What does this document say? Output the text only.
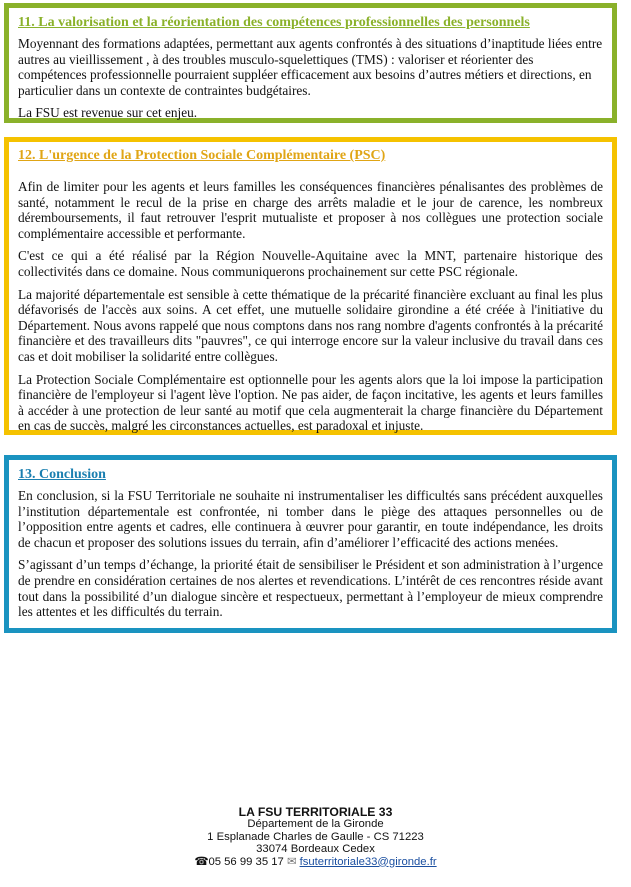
11. La valorisation et la réorientation des compétences professionnelles des personnels

Moyennant des formations adaptées, permettant aux agents confrontés à des situations d’inaptitude liées entre autres au vieillissement , à des troubles musculo-squelettiques (TMS) : valoriser et réorienter des compétences professionnelle pourraient suppléer efficacement aux besoins d’autres métiers et directions, en particulier dans un contexte de contraintes budgétaires.

La FSU est revenue sur cet enjeu.

12. L'urgence de la Protection Sociale Complémentaire (PSC)

Afin de limiter pour les agents et leurs familles les conséquences financières pénalisantes des problèmes de santé, notamment le recul de la prise en charge des arrêts maladie et le jour de carence, les nombreux déremboursements, il faut retrouver l'esprit mutualiste et proposer à nos collègues une protection sociale complémentaire accessible et performante.

C'est ce qui a été réalisé par la Région Nouvelle-Aquitaine avec la MNT, partenaire historique des collectivités dans ce domaine. Nous communiquerons prochainement sur cette PSC régionale.

La majorité départementale est sensible à cette thématique de la précarité financière excluant au final les plus défavorisés de l'accès aux soins. A cet effet, une mutuelle solidaire girondine a été créée à l'initiative du Département. Nous avons rappelé que nous comptons dans nos rang nombre d'agents confrontés à la précarité financière et des travailleurs dits "pauvres", ce qui interroge encore sur la valeur inclusive du travail dans ces cas et doit mobiliser la solidarité entre collègues.

La Protection Sociale Complémentaire est optionnelle pour les agents alors que la loi impose la participation financière de l'employeur si l'agent lève l'option. Ne pas aider, de façon incitative, les agents et leurs familles à accéder à une protection de leur santé au motif que cela augmenterait la charge financière du Département en cas de succès, malgré les circonstances actuelles, est paradoxal et injuste.

13. Conclusion

En conclusion, si la FSU Territoriale ne souhaite ni instrumentaliser les difficultés sans précédent auxquelles l’institution départementale est confrontée, ni tomber dans le piège des attaques personnelles ou de l’opposition entre agents et cadres, elle continuera à œuvrer pour garantir, en toute indépendance, les droits de chacun et proposer des solutions issues du terrain, afin d’améliorer l’efficacité des actions menées.

S’agissant d’un temps d’échange, la priorité était de sensibiliser le Président et son administration à l’urgence de prendre en considération certaines de nos alertes et revendications. L’intérêt de ces rencontres réside avant tout dans la possibilité d’un dialogue sincère et respectueux, permettant à l’employeur de mieux comprendre les attentes et les difficultés du terrain.

LA FSU TERRITORIALE 33
Département de la Gironde
1 Esplanade Charles de Gaulle - CS 71223
33074 Bordeaux Cedex
☎05 56 99 35 17 ✉ fsuterritoriale33@gironde.fr
